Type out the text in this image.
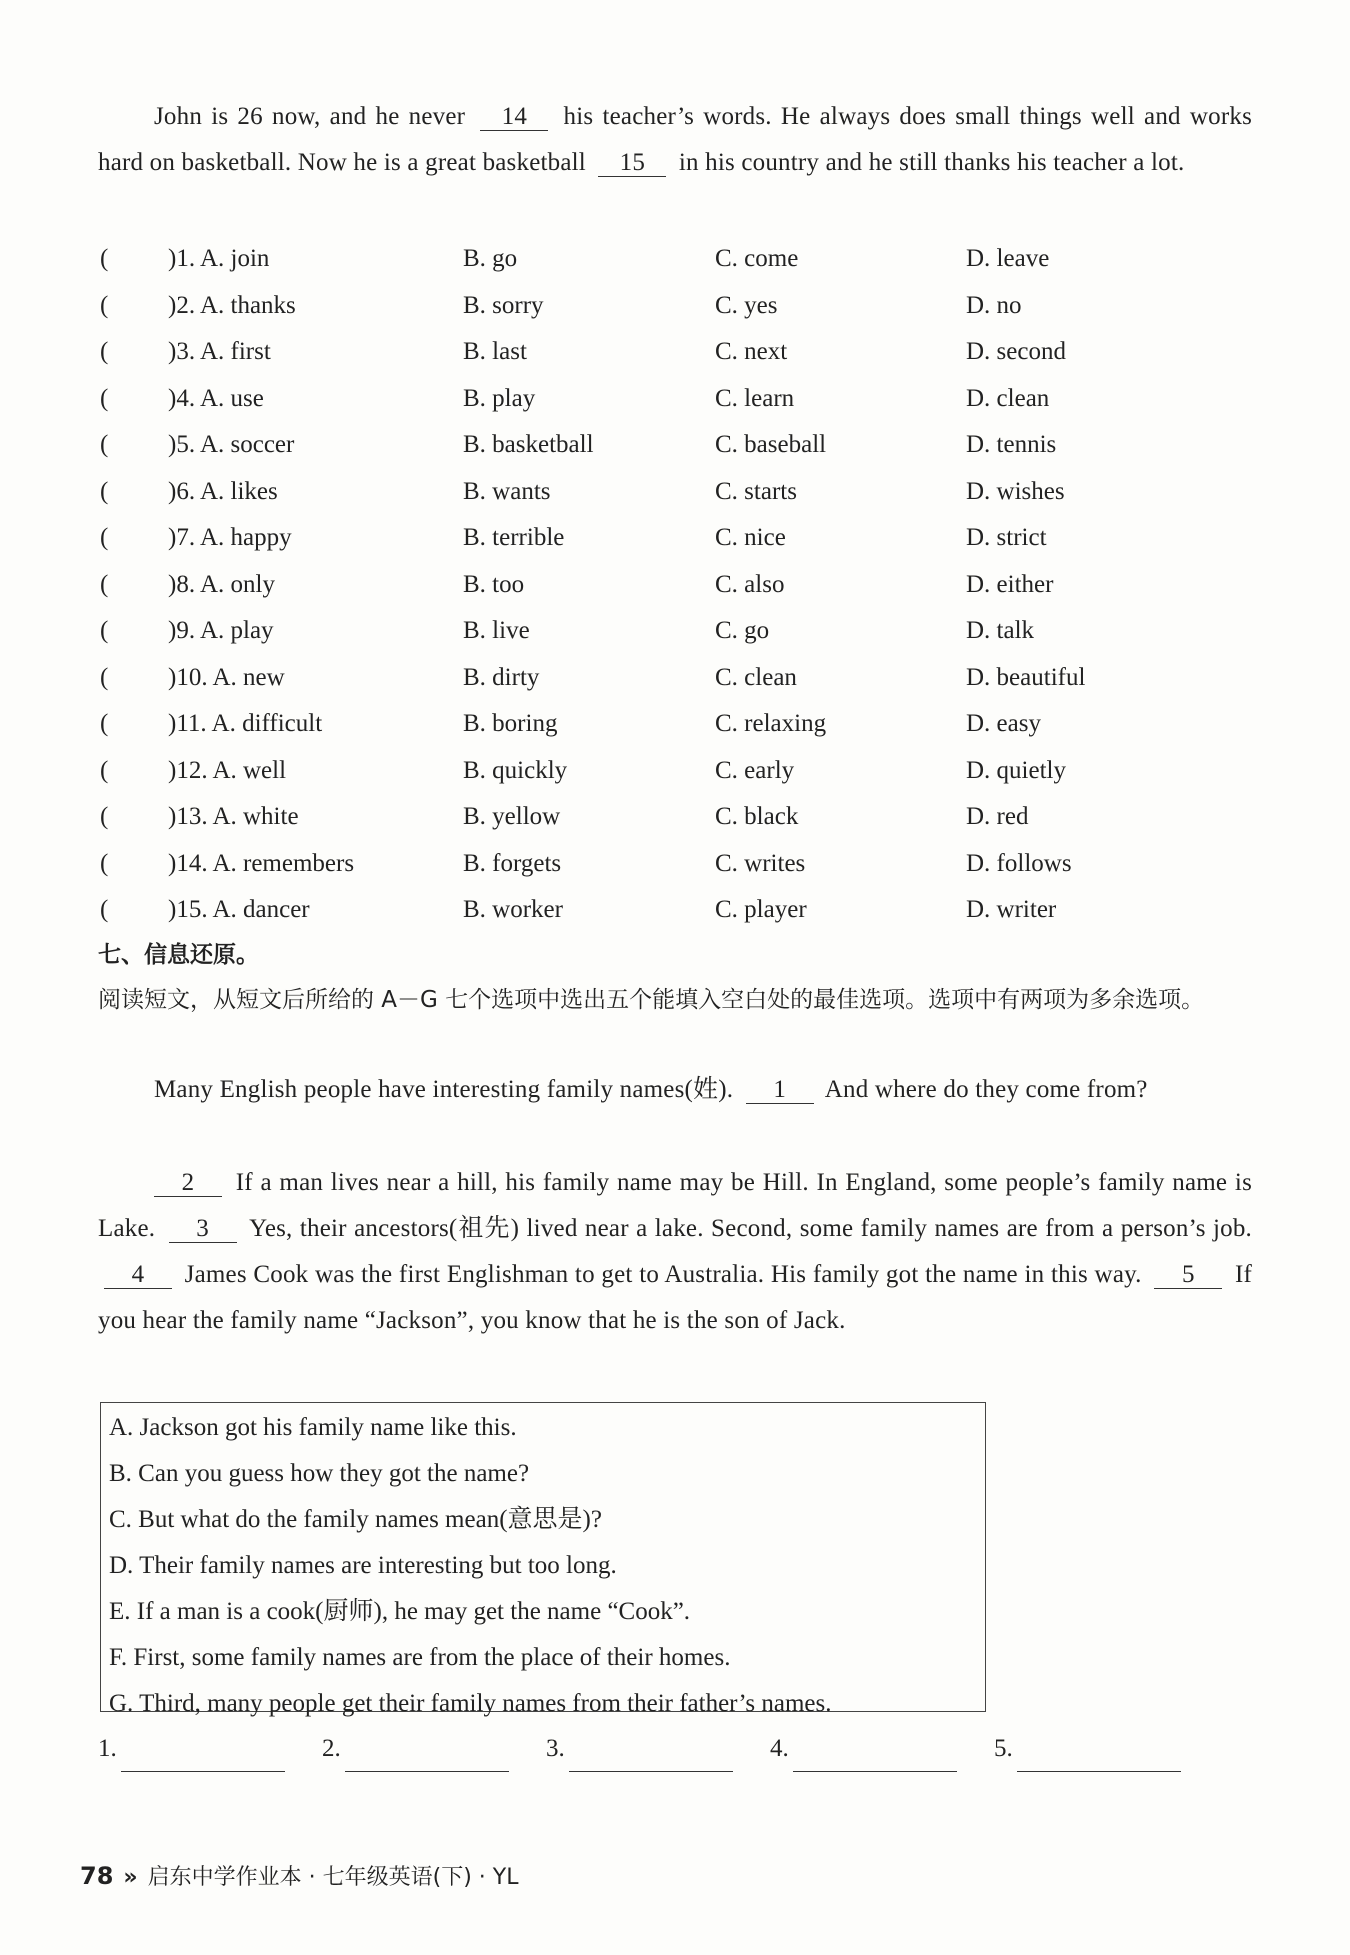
John is 26 now, and he never 14 his teacher’s words. He always does small things well and works hard on basketball. Now he is a great basketball 15 in his country and he still thanks his teacher a lot.
( )1. A. join	B. go	C. come	D. leave
( )2. A. thanks	B. sorry	C. yes	D. no
( )3. A. first	B. last	C. next	D. second
( )4. A. use	B. play	C. learn	D. clean
( )5. A. soccer	B. basketball	C. baseball	D. tennis
( )6. A. likes	B. wants	C. starts	D. wishes
( )7. A. happy	B. terrible	C. nice	D. strict
( )8. A. only	B. too	C. also	D. either
( )9. A. play	B. live	C. go	D. talk
( )10. A. new	B. dirty	C. clean	D. beautiful
( )11. A. difficult	B. boring	C. relaxing	D. easy
( )12. A. well	B. quickly	C. early	D. quietly
( )13. A. white	B. yellow	C. black	D. red
( )14. A. remembers	B. forgets	C. writes	D. follows
( )15. A. dancer	B. worker	C. player	D. writer
七、信息还原。
阅读短文，从短文后所给的 A－G 七个选项中选出五个能填入空白处的最佳选项。选项中有两项为多余选项。
Many English people have interesting family names(姓). 1 And where do they come from?
2 If a man lives near a hill, his family name may be Hill. In England, some people’s family name is Lake. 3 Yes, their ancestors(祖先) lived near a lake. Second, some family names are from a person’s job. 4 James Cook was the first Englishman to get to Australia. His family got the name in this way. 5 If you hear the family name “Jackson”, you know that he is the son of Jack.
A. Jackson got his family name like this.
B. Can you guess how they got the name?
C. But what do the family names mean(意思是)?
D. Their family names are interesting but too long.
E. If a man is a cook(厨师), he may get the name “Cook”.
F. First, some family names are from the place of their homes.
G. Third, many people get their family names from their father’s names.
1.	2.	3.	4.	5.
78 » 启东中学作业本 · 七年级英语(下) · YL
